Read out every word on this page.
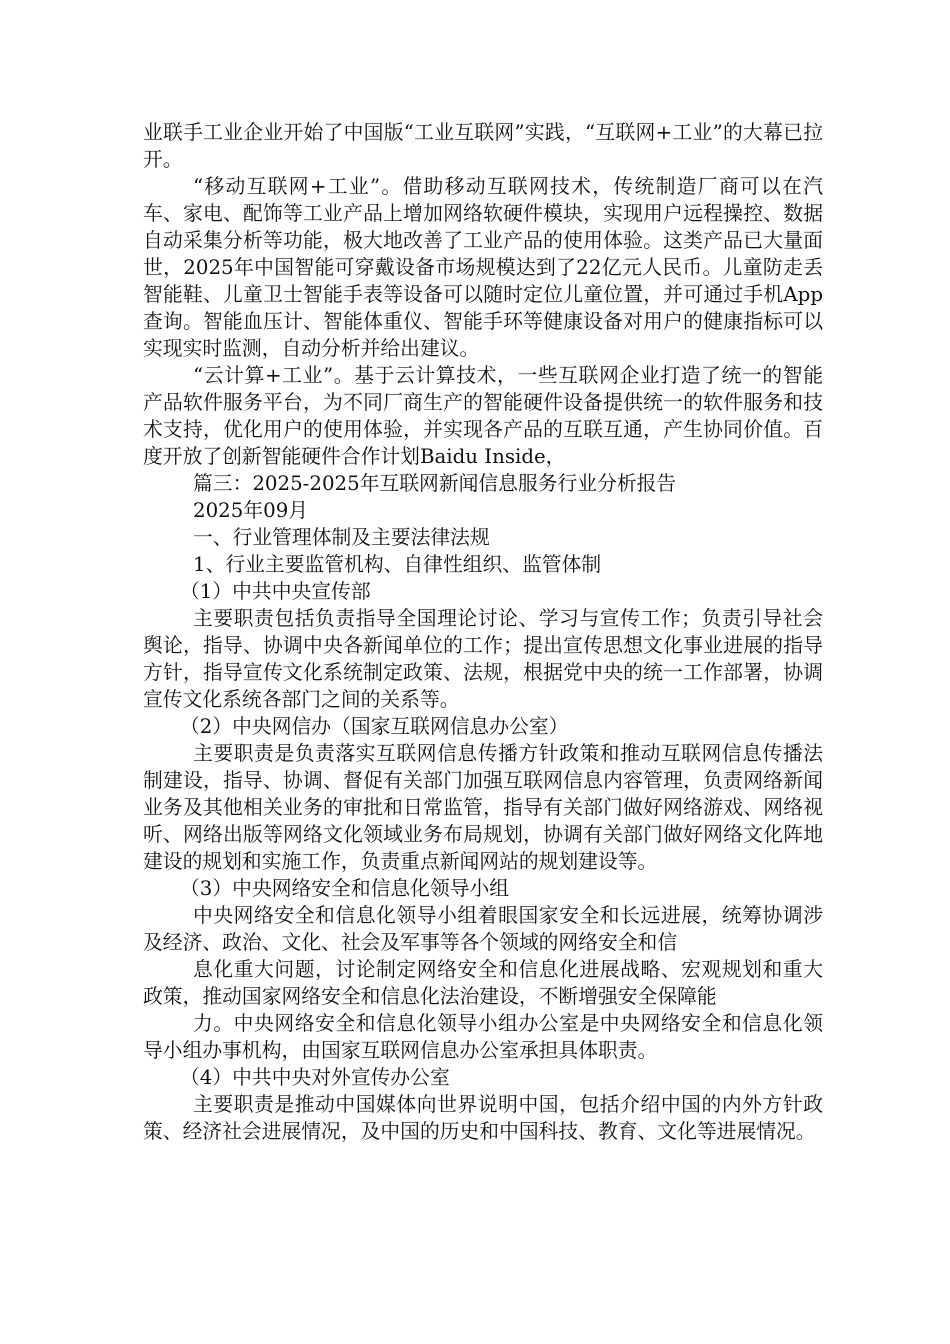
业联手工业企业开始了中国版“工业互联网”实践，“互联网+工业”的大幕已拉开。

“移动互联网+工业”。借助移动互联网技术，传统制造厂商可以在汽车、家电、配饰等工业产品上增加网络软硬件模块，实现用户远程操控、数据自动采集分析等功能，极大地改善了工业产品的使用体验。这类产品已大量面世，2025年中国智能可穿戴设备市场规模达到了22亿元人民币。儿童防走丢智能鞋、儿童卫士智能手表等设备可以随时定位儿童位置，并可通过手机App查询。智能血压计、智能体重仪、智能手环等健康设备对用户的健康指标可以实现实时监测，自动分析并给出建议。

“云计算+工业”。基于云计算技术，一些互联网企业打造了统一的智能产品软件服务平台，为不同厂商生产的智能硬件设备提供统一的软件服务和技术支持，优化用户的使用体验，并实现各产品的互联互通，产生协同价值。百度开放了创新智能硬件合作计划Baidu Inside，

篇三：2025-2025年互联网新闻信息服务行业分析报告

2025年09月

一、行业管理体制及主要法律法规

1、行业主要监管机构、自律性组织、监管体制

（1）中共中央宣传部

主要职责包括负责指导全国理论讨论、学习与宣传工作；负责引导社会舆论，指导、协调中央各新闻单位的工作；提出宣传思想文化事业进展的指导方针，指导宣传文化系统制定政策、法规，根据党中央的统一工作部署，协调宣传文化系统各部门之间的关系等。

（2）中央网信办（国家互联网信息办公室）

主要职责是负责落实互联网信息传播方针政策和推动互联网信息传播法制建设，指导、协调、督促有关部门加强互联网信息内容管理，负责网络新闻业务及其他相关业务的审批和日常监管，指导有关部门做好网络游戏、网络视听、网络出版等网络文化领域业务布局规划，协调有关部门做好网络文化阵地建设的规划和实施工作，负责重点新闻网站的规划建设等。

（3）中央网络安全和信息化领导小组

中央网络安全和信息化领导小组着眼国家安全和长远进展，统筹协调涉及经济、政治、文化、社会及军事等各个领域的网络安全和信

息化重大问题，讨论制定网络安全和信息化进展战略、宏观规划和重大政策，推动国家网络安全和信息化法治建设，不断增强安全保障能

力。中央网络安全和信息化领导小组办公室是中央网络安全和信息化领导小组办事机构，由国家互联网信息办公室承担具体职责。

（4）中共中央对外宣传办公室

主要职责是推动中国媒体向世界说明中国，包括介绍中国的内外方针政策、经济社会进展情况，及中国的历史和中国科技、教育、文化等进展情况。
